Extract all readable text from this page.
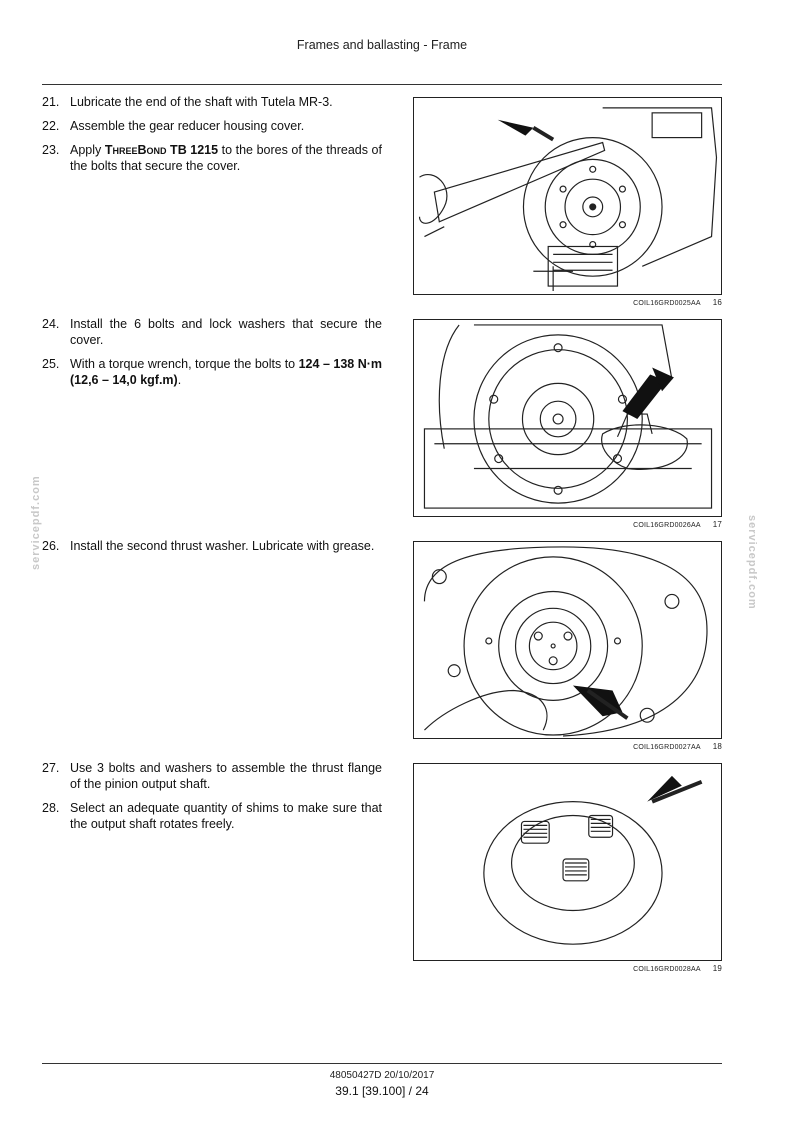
Frames and ballasting - Frame
21. Lubricate the end of the shaft with Tutela MR-3.
22. Assemble the gear reducer housing cover.
23. Apply ThreeBond TB 1215 to the bores of the threads of the bolts that secure the cover.
24. Install the 6 bolts and lock washers that secure the cover.
25. With a torque wrench, torque the bolts to 124 – 138 N·m (12,6 – 14,0 kgf.m).
26. Install the second thrust washer. Lubricate with grease.
27. Use 3 bolts and washers to assemble the thrust flange of the pinion output shaft.
28. Select an adequate quantity of shims to make sure that the output shaft rotates freely.
COIL16GRD0025AA 16
COIL16GRD0026AA 17
COIL16GRD0027AA 18
COIL16GRD0028AA 19
servicepdf.com	servicepdf.com
48050427D 20/10/2017
39.1 [39.100] / 24
